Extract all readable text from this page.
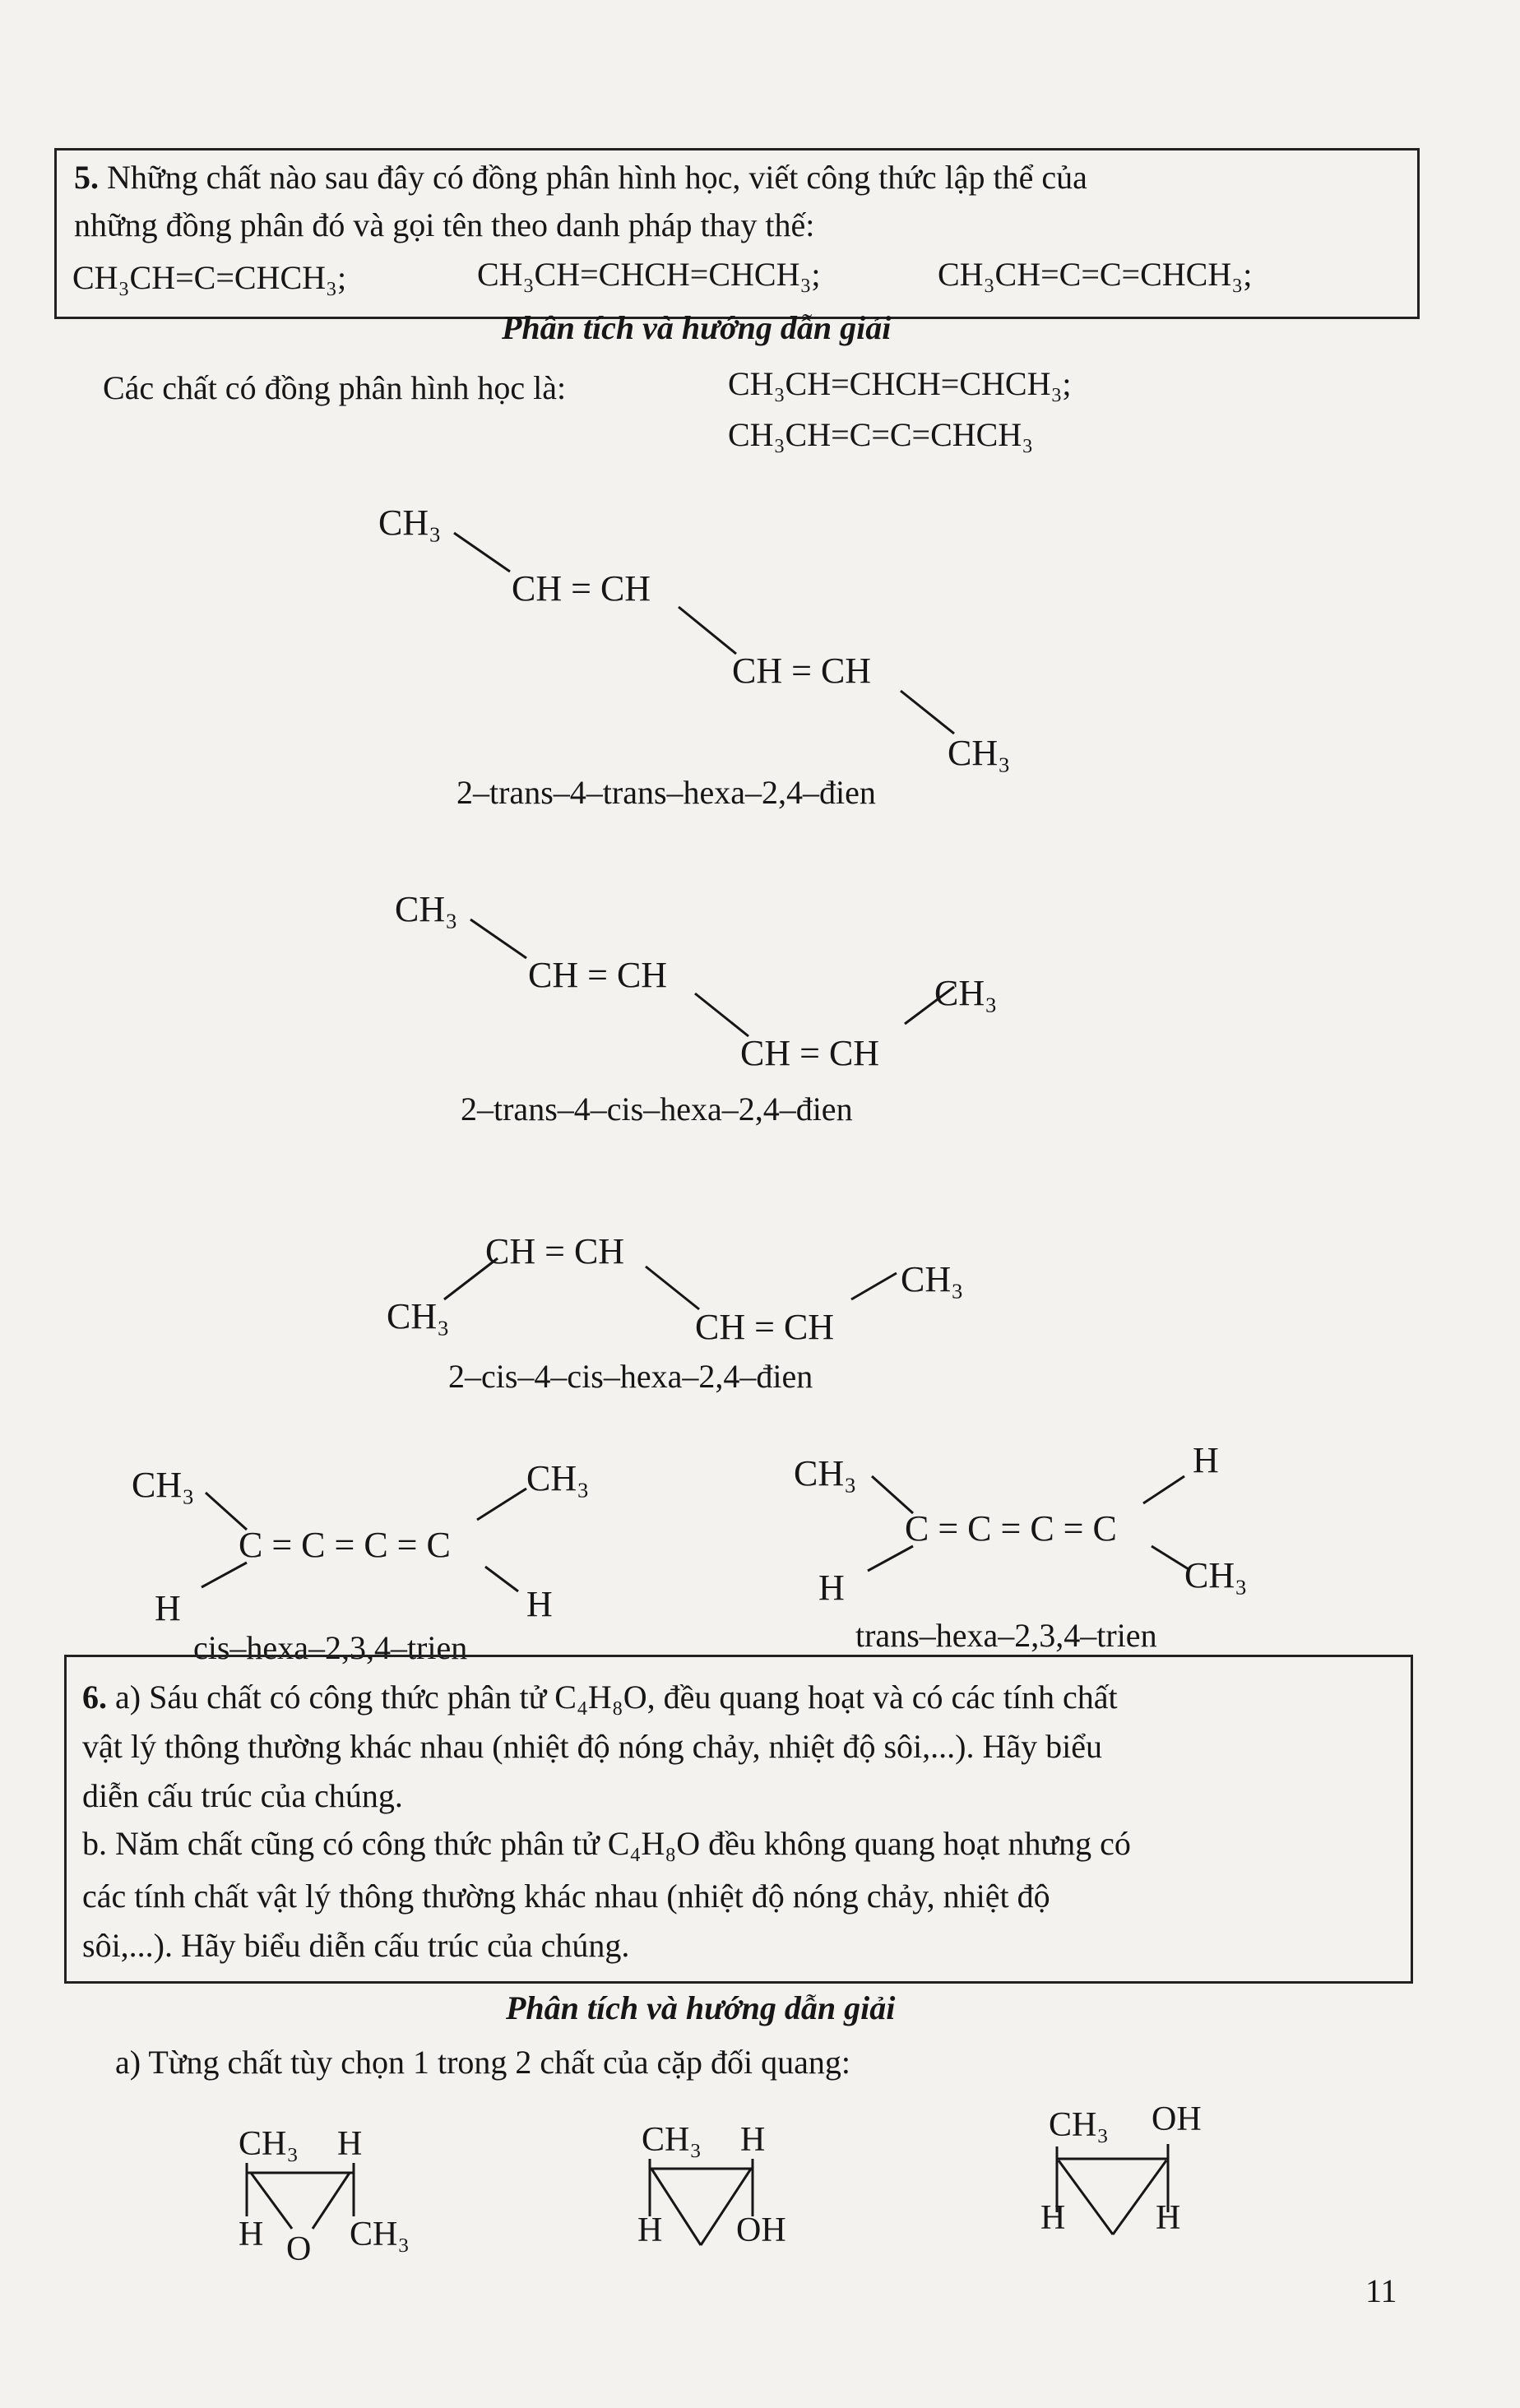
5. Những chất nào sau đây có đồng phân hình học, viết công thức lập thể của
những đồng phân đó và gọi tên theo danh pháp thay thế:
CH₃CH=C=CHCH₃;	CH₃CH=CHCH=CHCH₃;	CH₃CH=C=C=CHCH₃;
Phân tích và hướng dẫn giải
Các chất có đồng phân hình học là:	CH₃CH=CHCH=CHCH₃;
CH₃CH=C=C=CHCH₃
CH₃
CH = CH
CH = CH
CH₃
2–trans–4–trans–hexa–2,4–đien
CH₃
CH = CH
CH = CH
CH₃
2–trans–4–cis–hexa–2,4–đien
CH = CH
CH₃	CH = CH
CH₃
2–cis–4–cis–hexa–2,4–đien
CH₃
C = C = C = C
H
CH₃
H
cis–hexa–2,3,4–trien
CH₃
C = C = C = C
H
H
CH₃
trans–hexa–2,3,4–trien
6. a) Sáu chất có công thức phân tử C₄H₈O, đều quang hoạt và có các tính chất
vật lý thông thường khác nhau (nhiệt độ nóng chảy, nhiệt độ sôi,...). Hãy biểu
diễn cấu trúc của chúng.
b. Năm chất cũng có công thức phân tử C₄H₈O đều không quang hoạt nhưng có
các tính chất vật lý thông thường khác nhau (nhiệt độ nóng chảy, nhiệt độ
sôi,...). Hãy biểu diễn cấu trúc của chúng.
Phân tích và hướng dẫn giải
a) Từng chất tùy chọn 1 trong 2 chất của cặp đối quang:
CH₃ H
H O CH₃
CH₃ H
H OH
CH₃ OH
H	H
11
